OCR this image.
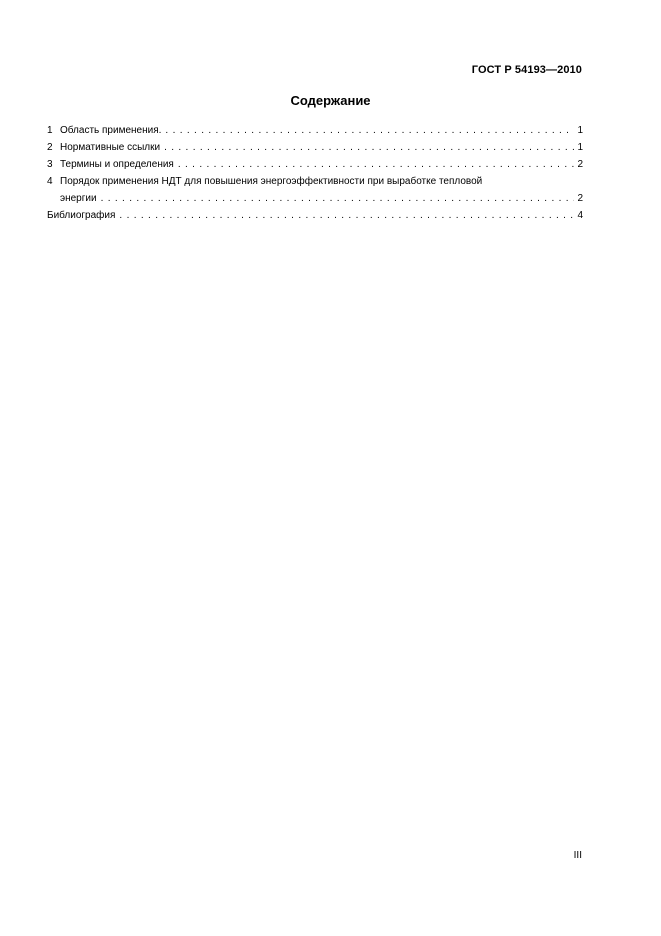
ГОСТ Р 54193—2010
Содержание
1 Область применения. . . .	1
2 Нормативные ссылки . . .	1
3 Термины и определения . . .	2
4 Порядок применения НДТ для повышения энергоэффективности при выработке тепловой
энергии . . .	2
Библиография . . .	4
III
